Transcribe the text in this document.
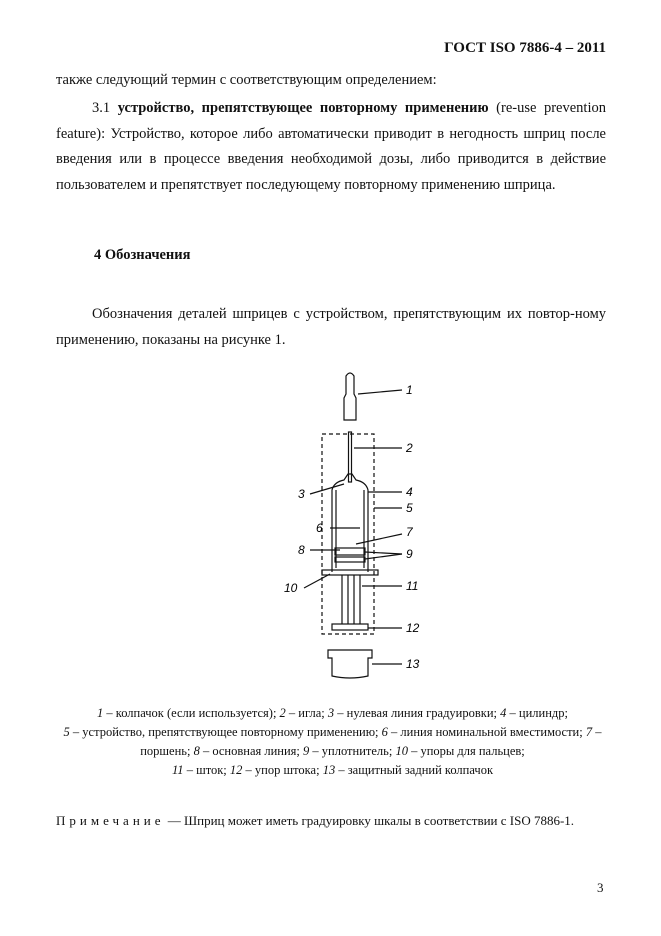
ГОСТ ISO 7886-4 – 2011
также следующий термин с соответствующим определением:
3.1 устройство, препятствующее повторному применению (re-use prevention feature): Устройство, которое либо автоматически приводит в негодность шприц после введения или в процессе введения необходимой дозы, либо приводится в действие пользователем и препятствует последующему повторному применению шприца.
4 Обозначения
Обозначения деталей шприцев с устройством, препятствующим их повтор-ному применению, показаны на рисунке 1.
1
2
3	4
5
6	7
8	9
10	11
12
13
1 – колпачок (если используется); 2 – игла; 3 – нулевая линия градуировки; 4 – цилиндр;
5 – устройство, препятствующее повторному применению; 6 – линия номинальной вместимости; 7 – поршень; 8 – основная линия; 9 – уплотнитель; 10 – упоры для пальцев;
11 – шток; 12 – упор штока; 13 – защитный задний колпачок
Примечание — Шприц может иметь градуировку шкалы в соответствии с ISO 7886-1.
3
